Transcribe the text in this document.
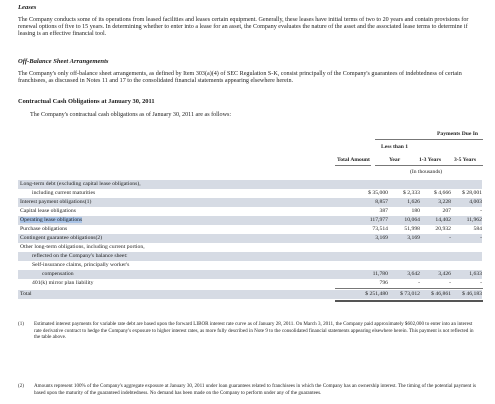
Leases
The Company conducts some of its operations from leased facilities and leases certain equipment. Generally, these leases have initial terms of two to 20 years and contain provisions for renewal options of five to 15 years. In determining whether to enter into a lease for an asset, the Company evaluates the nature of the asset and the associated lease terms to determine if leasing is an effective financial tool.
Off-Balance Sheet Arrangements
The Company's only off-balance sheet arrangements, as defined by Item 303(a)(4) of SEC Regulation S-K, consist principally of the Company's guarantees of indebtedness of certain franchisees, as discussed in Notes 11 and 17 to the consolidated financial statements appearing elsewhere herein.
Contractual Cash Obligations at January 30, 2011
The Company's contractual cash obligations as of January 30, 2011 are as follows:
Payments Due In
Less than 1
Total Amount	Year	1-3 Years 3-5 Years
(In thousands)
Long-term debt (excluding capital lease obligations),
including current maturities	$ 35,000	$ 2,333 $ 4,666 $ 28,001
Interest payment obligations(1)	8,857	1,626	3,228	4,003
Capital lease obligations	387	180	207	-
Operating lease obligations	117,977	10,064	14,402	11,962
Purchase obligations	73,514	51,998	20,932	584
Contingent guarantee obligations(2)	3,169	3,169	-	-
Other long-term obligations, including current portion,
reflected on the Company's balance sheet:
Self-insurance claims, principally worker's
compensation	11,780	3,642	3,426	1,633
401(k) mirror plan liability	796	-	-	-
Total	$ 251,480 $ 73,012 $ 46,861 $ 46,183
(1) Estimated interest payments for variable rate debt are based upon the forward LIBOR interest rate curve as of January 28, 2011. On March 3, 2011, the Company paid approximately $602,000 to enter into an interest rate derivative contract to hedge the Company's exposure to higher interest rates, as more fully described in Note 9 to the consolidated financial statements appearing elsewhere herein. This payment is not reflected in the table above.
(2) Amounts represent 100% of the Company's aggregate exposure at January 30, 2011 under loan guarantees related to franchisees in which the Company has an ownership interest. The timing of the potential payment is based upon the maturity of the guaranteed indebtedness. No demand has been made on the Company to perform under any of the guarantees.
